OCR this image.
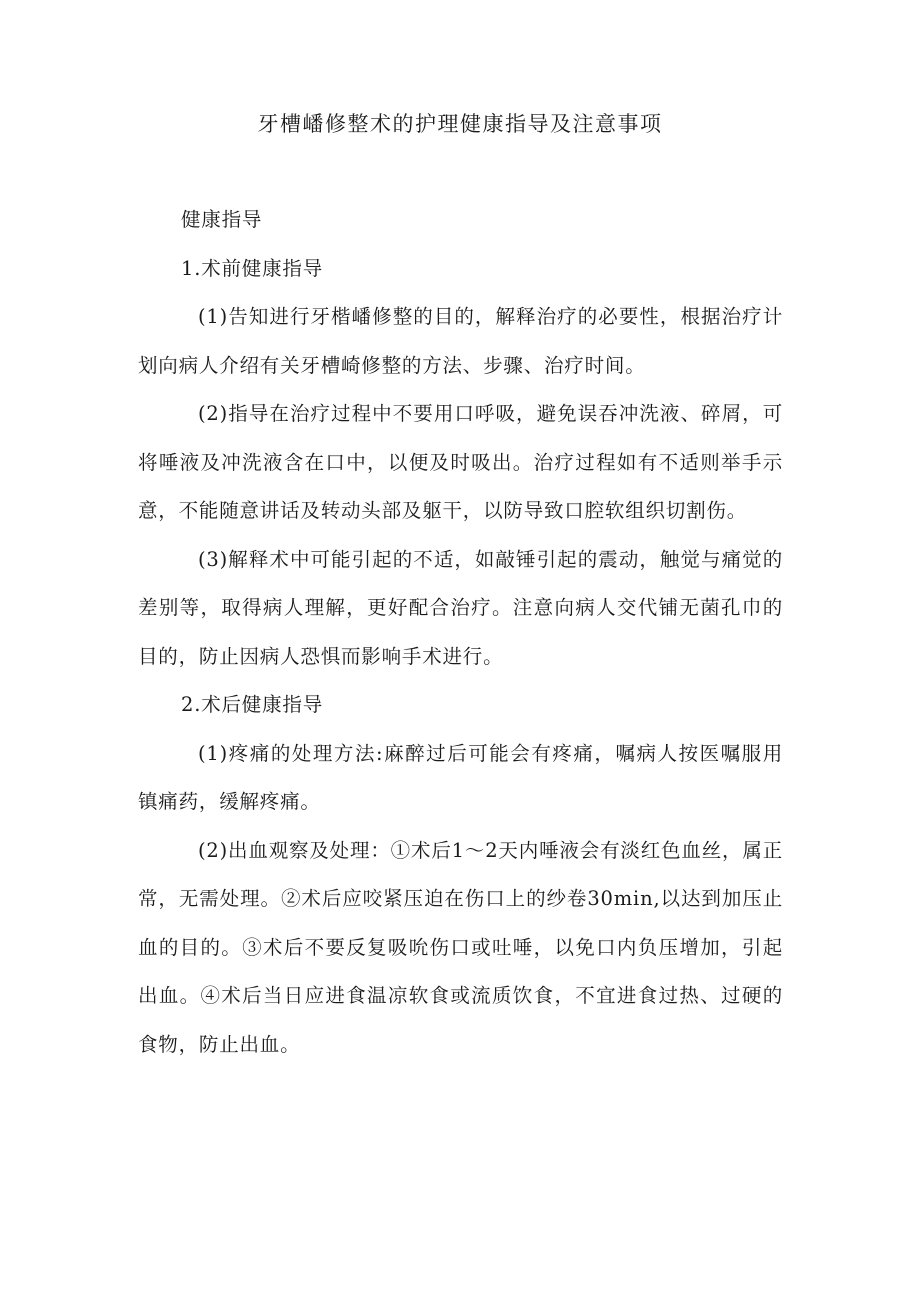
牙槽嶓修整术的护理健康指导及注意事项

健康指导

1.术前健康指导

(1)告知进行牙楷嶓修整的目的，解释治疗的必要性，根据治疗计划向病人介绍有关牙槽崎修整的方法、步骤、治疗时间。

(2)指导在治疗过程中不要用口呼吸，避免误吞冲洗液、碎屑，可将唾液及冲洗液含在口中，以便及时吸出。治疗过程如有不适则举手示意，不能随意讲话及转动头部及躯干，以防导致口腔软组织切割伤。

(3)解释术中可能引起的不适，如敲锤引起的震动，触觉与痛觉的差别等，取得病人理解，更好配合治疗。注意向病人交代铺无菌孔巾的目的，防止因病人恐惧而影响手术进行。

2.术后健康指导

(1)疼痛的处理方法:麻醉过后可能会有疼痛，嘱病人按医嘱服用镇痛药，缓解疼痛。

(2)出血观察及处理：①术后1～2天内唾液会有淡红色血丝，属正常，无需处理。②术后应咬紧压迫在伤口上的纱卷30min,以达到加压止血的目的。③术后不要反复吸吮伤口或吐唾，以免口内负压增加，引起出血。④术后当日应进食温凉软食或流质饮食，不宜进食过热、过硬的食物，防止出血。
